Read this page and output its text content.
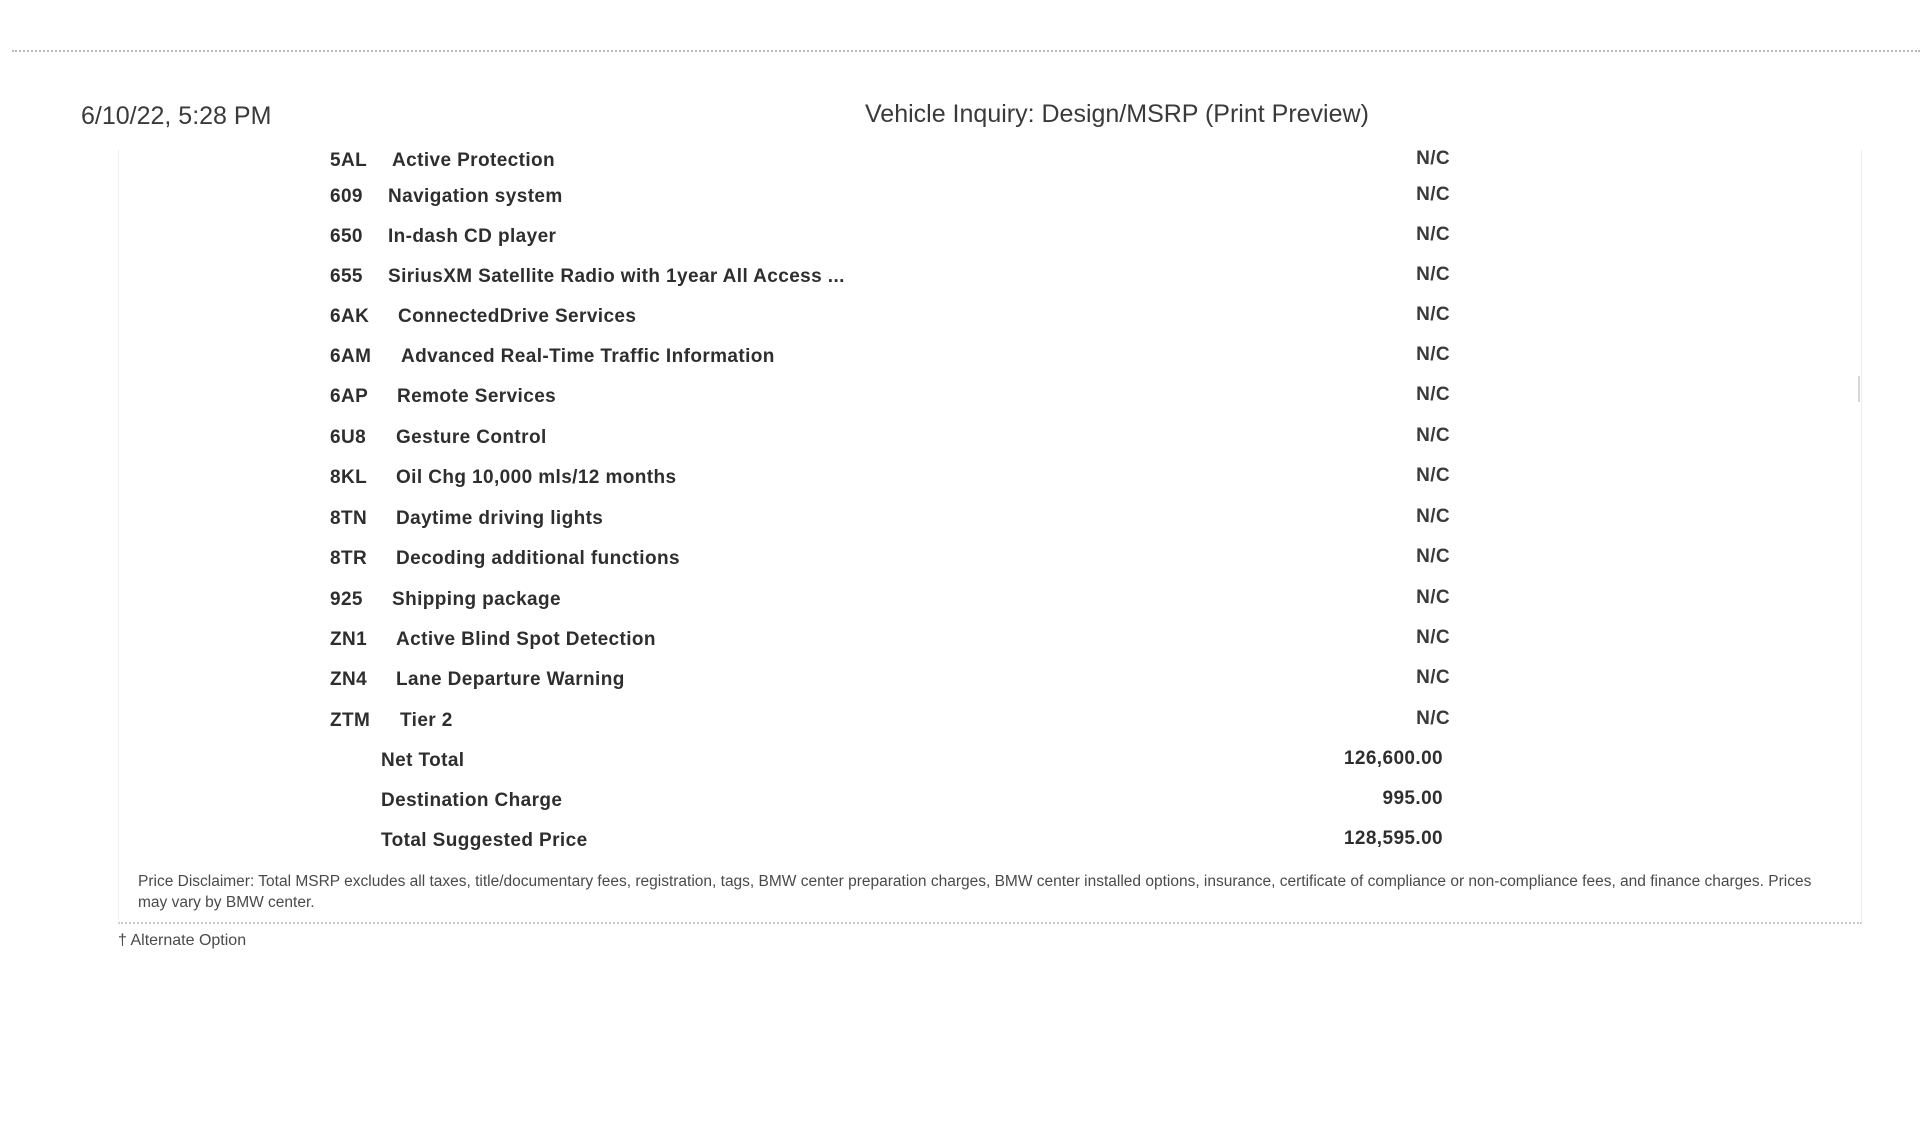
6/10/22, 5:28 PM	Vehicle Inquiry: Design/MSRP (Print Preview)
5AL Active Protection	N/C
609 Navigation system	N/C
650 In-dash CD player	N/C
655 SiriusXM Satellite Radio with 1year All Access ...	N/C
6AK ConnectedDrive Services	N/C
6AM Advanced Real-Time Traffic Information	N/C
6AP Remote Services	N/C
6U8 Gesture Control	N/C
8KL Oil Chg 10,000 mls/12 months	N/C
8TN Daytime driving lights	N/C
8TR Decoding additional functions	N/C
925 Shipping package	N/C
ZN1 Active Blind Spot Detection	N/C
ZN4 Lane Departure Warning	N/C
ZTM Tier 2	N/C
Net Total	126,600.00
Destination Charge	995.00
Total Suggested Price	128,595.00
Price Disclaimer: Total MSRP excludes all taxes, title/documentary fees, registration, tags, BMW center preparation charges, BMW center installed options, insurance, certificate of compliance or non-compliance fees, and finance charges. Prices may vary by BMW center.
† Alternate Option
